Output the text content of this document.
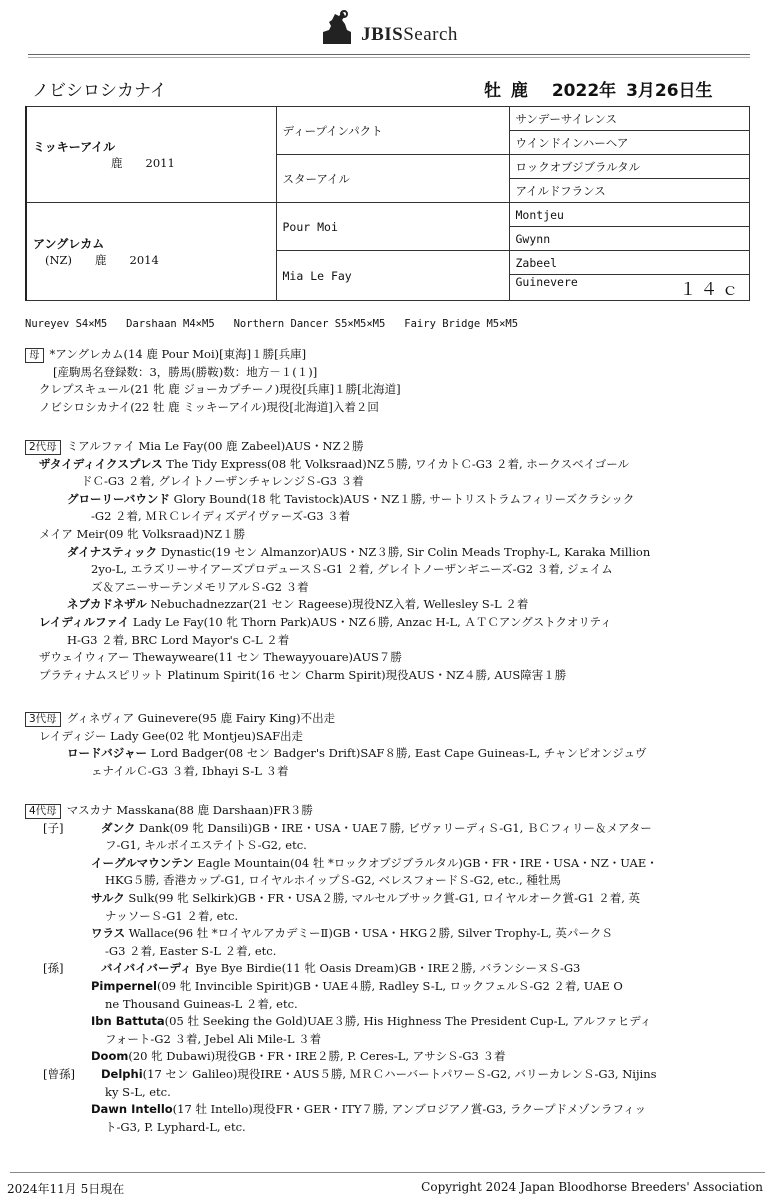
JBISSearch
ノビシロシカナイ	牡 鹿 2022年 3月26日生
ミッキーアイル
鹿　　2011	ディープインパクト	サンデーサイレンス
		ウインドインハーヘア
	スターアイル	ロックオブジブラルタル
		アイルドフランス

アングレカム
(NZ)　　鹿　　2014	Pour Moi	Montjeu
		Gwynn
	Mia Le Fay	Zabeel
		Guinevere １４ｃ
Nureyev S4×M5   Darshaan M4×M5   Northern Dancer S5×M5×M5   Fairy Bridge M5×M5
母 *アングレカム(14 鹿 Pour Moi)[東海]１勝[兵庫]
[産駒馬名登録数：3，勝馬(勝鞍)数：地方－１(１)]
クレプスキュール(21 牝 鹿 ジョーカプチーノ)現役[兵庫]１勝[北海道]
ノビシロシカナイ(22 牡 鹿 ミッキーアイル)現役[北海道]入着２回
2代母 ミアルファイ Mia Le Fay(00 鹿 Zabeel)AUS・NZ２勝
ザタイディイクスプレス The Tidy Express(08 牝 Volksraad)NZ５勝, ワイカトＣ-G3 ２着, ホークスベイゴール
ドＣ-G3 ２着, グレイトノーザンチャレンジＳ-G3 ３着
グローリーバウンド Glory Bound(18 牝 Tavistock)AUS・NZ１勝, サートリストラムフィリーズクラシック
-G2 ２着, ＭＲＣレイディズデイヴァーズ-G3 ３着
メイア Meir(09 牝 Volksraad)NZ１勝
ダイナスティック Dynastic(19 セン Almanzor)AUS・NZ３勝, Sir Colin Meads Trophy-L, Karaka Million
2yo-L, エラズリーサイアーズプロデュースＳ-G1 ２着, グレイトノーザンギニーズ-G2 ３着, ジェイム
ズ＆アニーサーテンメモリアルＳ-G2 ３着
ネブカドネザル Nebuchadnezzar(21 セン Rageese)現役NZ入着, Wellesley S-L ２着
レイディルファイ Lady Le Fay(10 牝 Thorn Park)AUS・NZ６勝, Anzac H-L, ＡＴＣアングストクオリティ
H-G3 ２着, BRC Lord Mayor's C-L ２着
ザウェイウィアー Thewayweare(11 セン Thewayyouare)AUS７勝
プラティナムスピリット Platinum Spirit(16 セン Charm Spirit)現役AUS・NZ４勝, AUS障害１勝
3代母 グィネヴィア Guinevere(95 鹿 Fairy King)不出走
レイディジー Lady Gee(02 牝 Montjeu)SAF出走
ロードバジャー Lord Badger(08 セン Badger's Drift)SAF８勝, East Cape Guineas-L, チャンピオンジュヴ
ェナイルＣ-G3 ３着, Ibhayi S-L ３着
4代母 マスカナ Masskana(88 鹿 Darshaan)FR３勝
[子]	ダンク Dank(09 牝 Dansili)GB・IRE・USA・UAE７勝, ビヴァリーディＳ-G1, ＢＣフィリー＆メアター
フ-G1, キルボイエステイトＳ-G2, etc.
イーグルマウンテン Eagle Mountain(04 牡 *ロックオブジブラルタル)GB・FR・IRE・USA・NZ・UAE・
HKG５勝, 香港カップ-G1, ロイヤルホイップＳ-G2, ベレスフォードＳ-G2, etc., 種牡馬
サルク Sulk(99 牝 Selkirk)GB・FR・USA２勝, マルセルブサック賞-G1, ロイヤルオーク賞-G1 ２着, 英
ナッソーＳ-G1 ２着, etc.
ワラス Wallace(96 牡 *ロイヤルアカデミーⅡ)GB・USA・HKG２勝, Silver Trophy-L, 英パークＳ
-G3 ２着, Easter S-L ２着, etc.
[孫]	バイバイバーディ Bye Bye Birdie(11 牝 Oasis Dream)GB・IRE２勝, バランシーヌＳ-G3
Pimpernel(09 牝 Invincible Spirit)GB・UAE４勝, Radley S-L, ロックフェルＳ-G2 ２着, UAE O
ne Thousand Guineas-L ２着, etc.
Ibn Battuta(05 牡 Seeking the Gold)UAE３勝, His Highness The President Cup-L, アルファヒディ
フォート-G2 ３着, Jebel Ali Mile-L ３着
Doom(20 牝 Dubawi)現役GB・FR・IRE２勝, P. Ceres-L, アサシＳ-G3 ３着
[曾孫] Delphi(17 セン Galileo)現役IRE・AUS５勝, ＭＲＣハーバートパワーＳ-G2, バリーカレンＳ-G3, Nijins
ky S-L, etc.
Dawn Intello(17 牡 Intello)現役FR・GER・ITY７勝, アンブロジアノ賞-G3, ラクープドメゾンラフィッ
ト-G3, P. Lyphard-L, etc.
2024年11月 5日現在	Copyright 2024 Japan Bloodhorse Breeders' Association
